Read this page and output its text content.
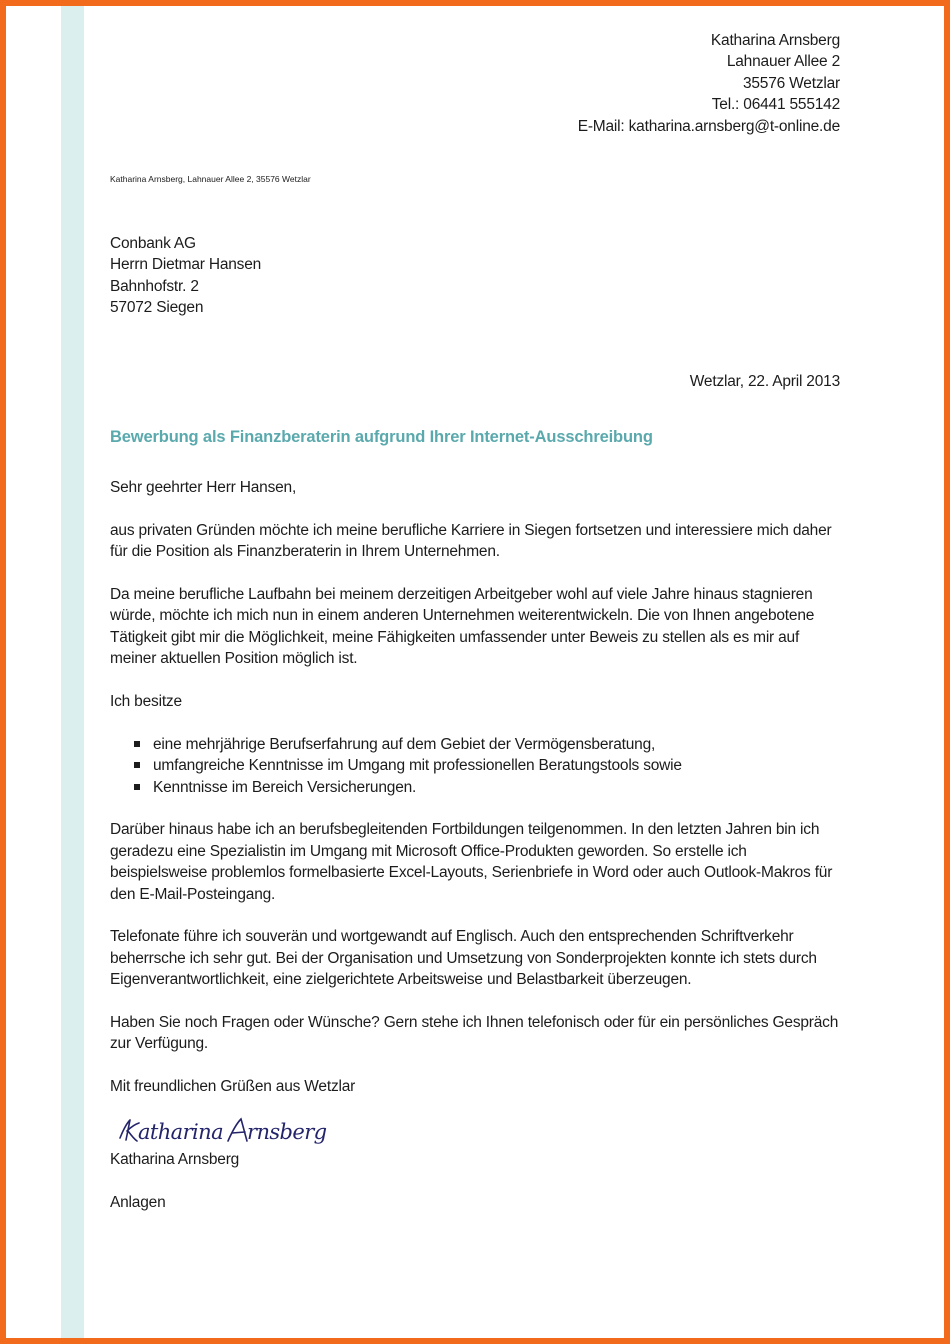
Katharina Arnsberg
Lahnauer Allee 2
35576 Wetzlar
Tel.: 06441 555142
E-Mail: katharina.arnsberg@t-online.de
Katharina Arnsberg, Lahnauer Allee 2, 35576 Wetzlar
Conbank AG
Herrn Dietmar Hansen
Bahnhofstr. 2
57072 Siegen
Wetzlar, 22. April 2013
Bewerbung als Finanzberaterin aufgrund Ihrer Internet-Ausschreibung

Sehr geehrter Herr Hansen,

aus privaten Gründen möchte ich meine berufliche Karriere in Siegen fortsetzen und interessiere mich daher für die Position als Finanzberaterin in Ihrem Unternehmen.

Da meine berufliche Laufbahn bei meinem derzeitigen Arbeitgeber wohl auf viele Jahre hinaus stagnieren würde, möchte ich mich nun in einem anderen Unternehmen weiterentwickeln. Die von Ihnen angebotene Tätigkeit gibt mir die Möglichkeit, meine Fähigkeiten umfassender unter Beweis zu stellen als es mir auf meiner aktuellen Position möglich ist.

Ich besitze

eine mehrjährige Berufserfahrung auf dem Gebiet der Vermögensberatung,
umfangreiche Kenntnisse im Umgang mit professionellen Beratungstools sowie
Kenntnisse im Bereich Versicherungen.

Darüber hinaus habe ich an berufsbegleitenden Fortbildungen teilgenommen. In den letzten Jahren bin ich geradezu eine Spezialistin im Umgang mit Microsoft Office-Produkten geworden. So erstelle ich beispielsweise problemlos formelbasierte Excel-Layouts, Serienbriefe in Word oder auch Outlook-Makros für den E-Mail-Posteingang.

Telefonate führe ich souverän und wortgewandt auf Englisch. Auch den entsprechenden Schriftverkehr beherrsche ich sehr gut. Bei der Organisation und Umsetzung von Sonderprojekten konnte ich stets durch Eigenverantwortlichkeit, eine zielgerichtete Arbeitsweise und Belastbarkeit überzeugen.

Haben Sie noch Fragen oder Wünsche? Gern stehe ich Ihnen telefonisch oder für ein persönliches Gespräch zur Verfügung.

Mit freundlichen Grüßen aus Wetzlar

atharina rnsberg
Katharina Arnsberg
Anlagen
